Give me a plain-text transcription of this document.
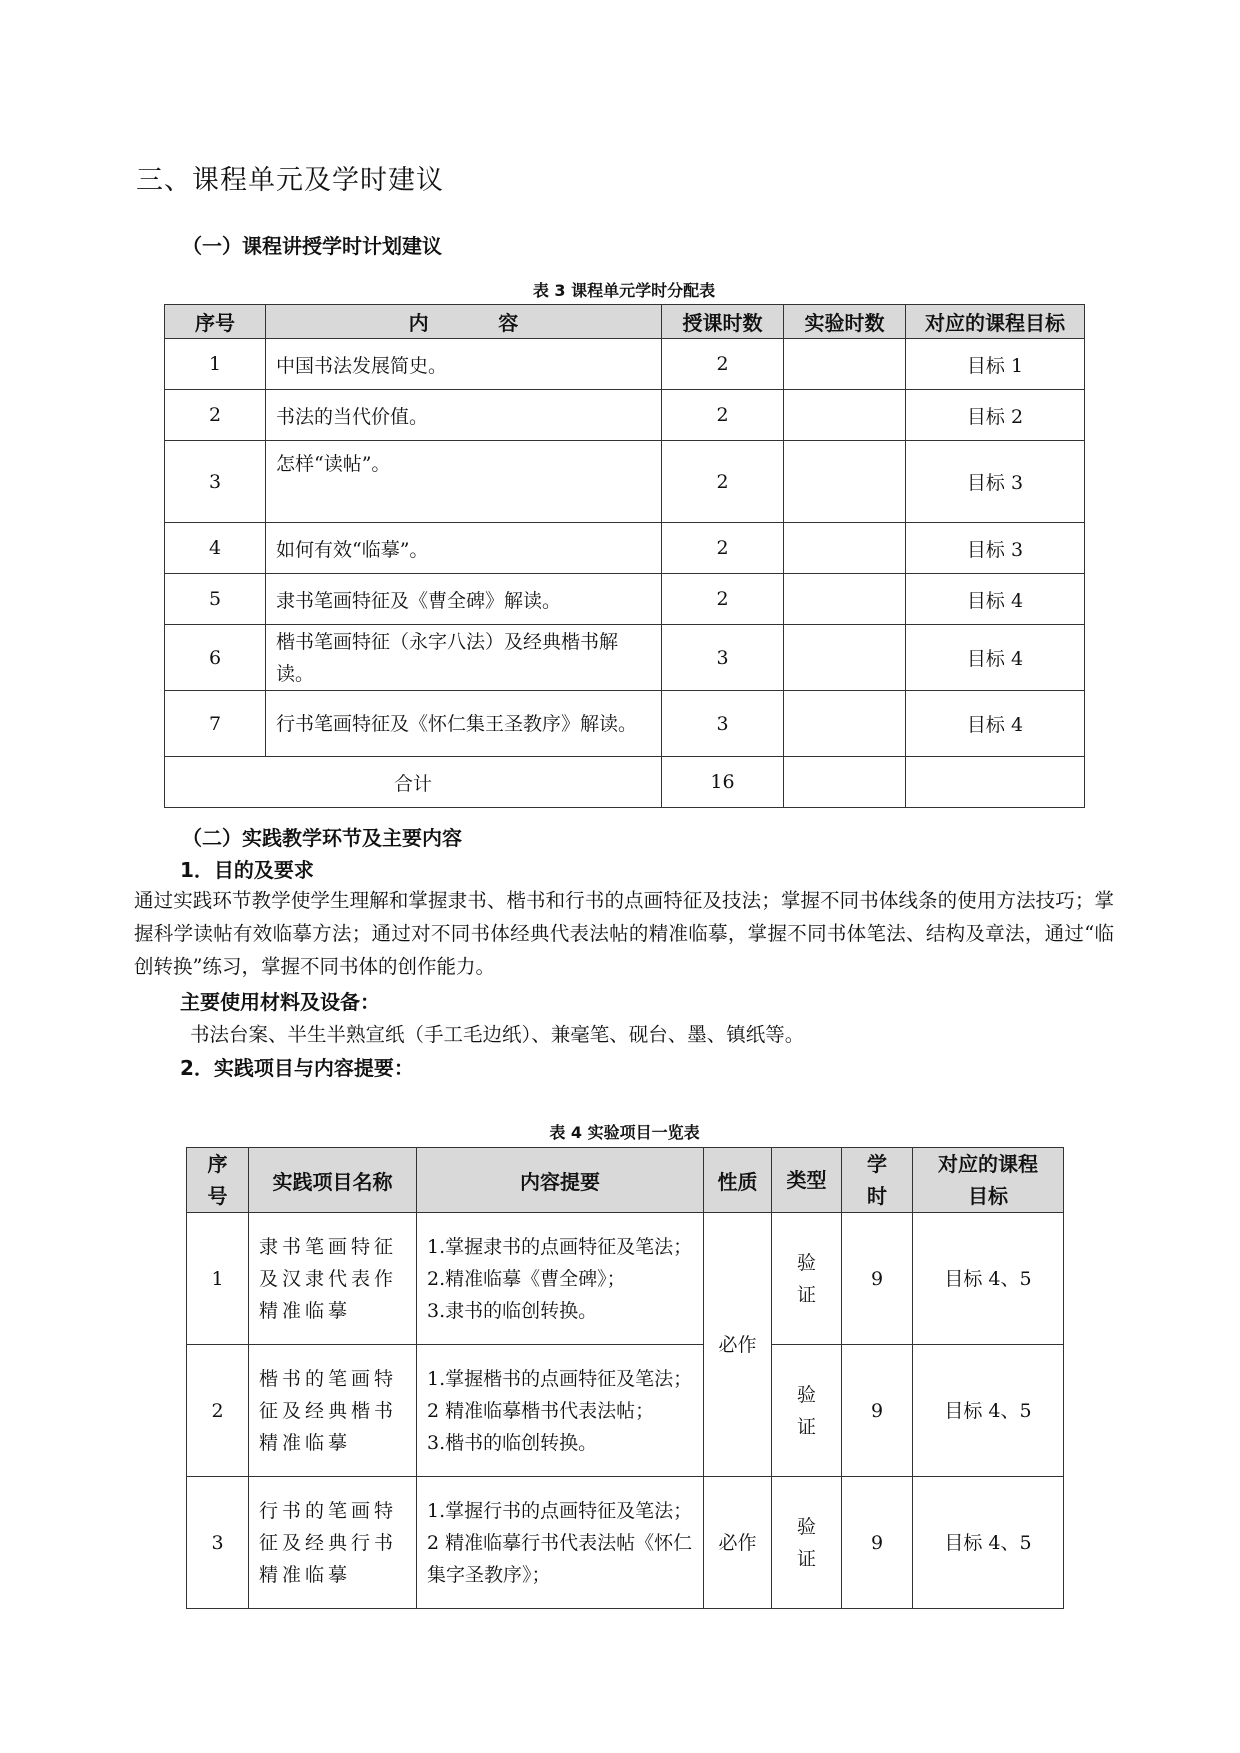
三、课程单元及学时建议
（一）课程讲授学时计划建议
表 3 课程单元学时分配表
序号	内          容	授课时数	实验时数	对应的课程目标
1	中国书法发展简史。	2		目标 1
2	书法的当代价值。	2		目标 2
3	怎样“读帖”。	2		目标 3
4	如何有效“临摹”。	2		目标 3
5	隶书笔画特征及《曹全碑》解读。	2		目标 4
6	楷书笔画特征（永字八法）及经典楷书解读。	3		目标 4
7	行书笔画特征及《怀仁集王圣教序》解读。	3		目标 4
合计		16		
（二）实践教学环节及主要内容
1．目的及要求
通过实践环节教学使学生理解和掌握隶书、楷书和行书的点画特征及技法；掌握不同书体线条的使用方法技巧；掌握科学读帖有效临摹方法；通过对不同书体经典代表法帖的精准临摹，掌握不同书体笔法、结构及章法，通过“临创转换”练习，掌握不同书体的创作能力。
主要使用材料及设备：
书法台案、半生半熟宣纸（手工毛边纸）、兼毫笔、砚台、墨、镇纸等。
2．实践项目与内容提要：
表 4 实验项目一览表
序号	实践项目名称	内容提要	性质	类型	学时	对应的课程目标
1	隶书笔画特征及汉隶代表作精准临摹	1.掌握隶书的点画特征及笔法；
2.精准临摹《曹全碑》；
3.隶书的临创转换。	必作	验证	9	目标 4、5
2	楷书的笔画特征及经典楷书精准临摹	1.掌握楷书的点画特征及笔法；
2 精准临摹楷书代表法帖；
3.楷书的临创转换。		验证	9	目标 4、5
3	行书的笔画特征及经典行书精准临摹	1.掌握行书的点画特征及笔法；
2 精准临摹行书代表法帖《怀仁集字圣教序》；	必作	验证	9	目标 4、5
